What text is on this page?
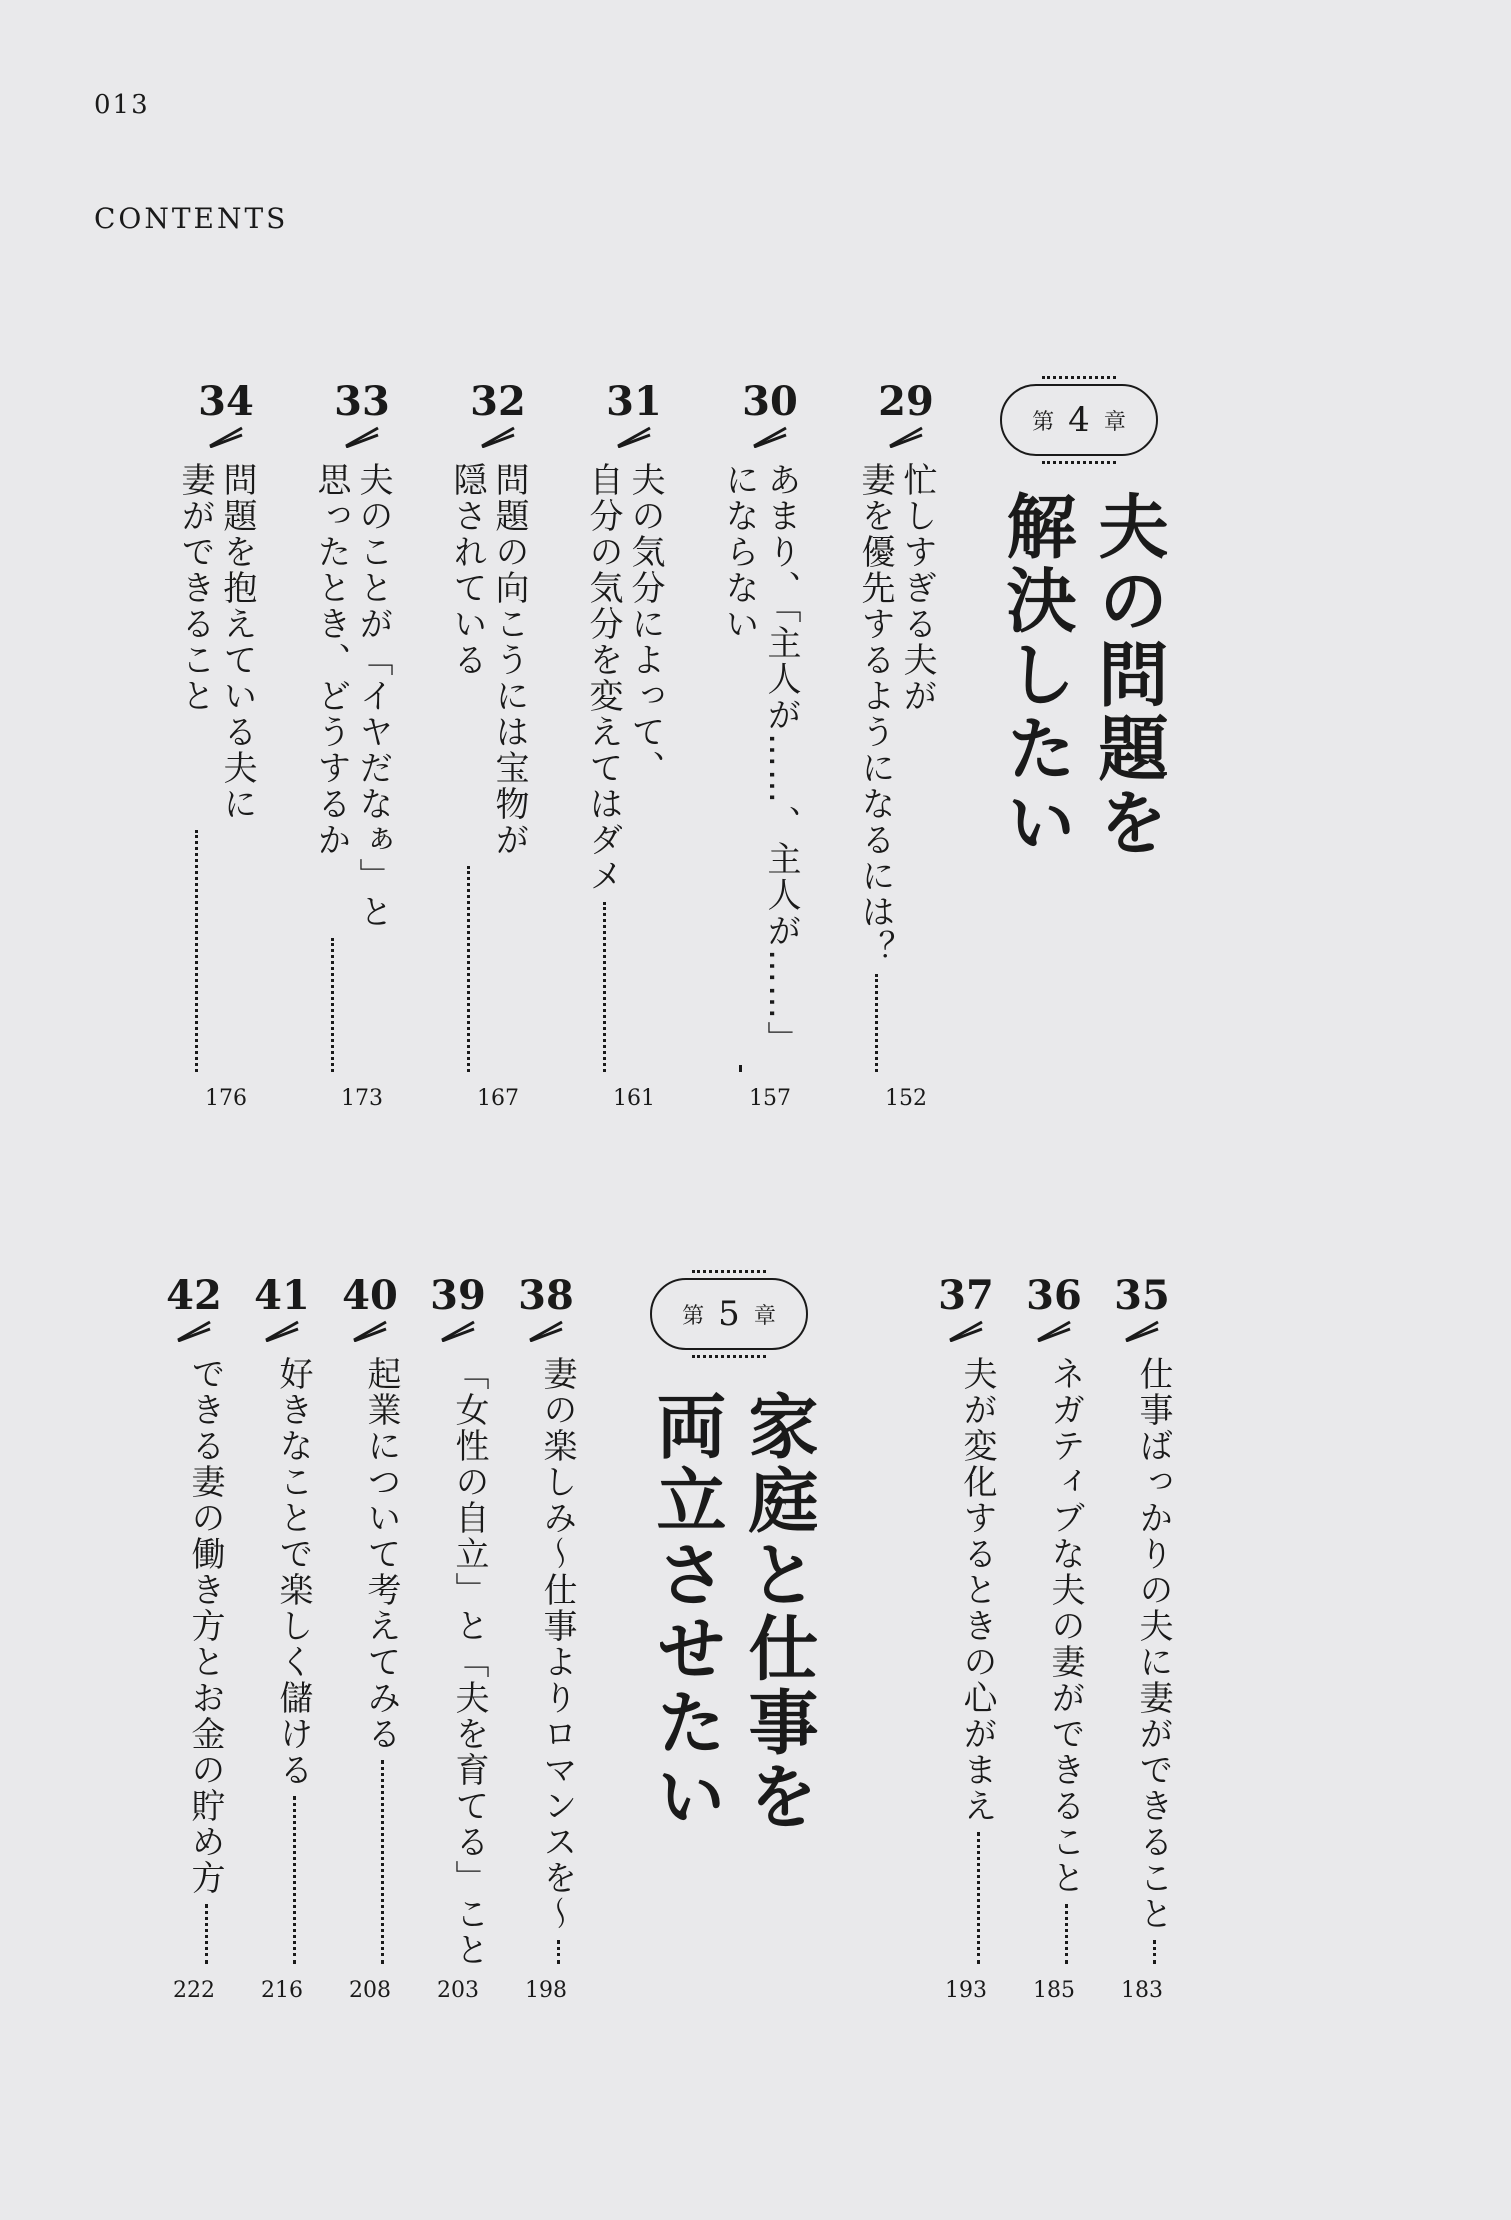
013
CONTENTS
第 4 章
夫の問題を 解決したい
第 5 章
家庭と仕事を 両立させたい
29
忙しすぎる夫が
妻を優先するようになるには？
152
30
あまり、「主人が……、主人が……」
にならない
157
31
夫の気分によって、
自分の気分を変えてはダメ
161
32
問題の向こうには宝物が
隠されている
167
33
夫のことが「イヤだなぁ」と
思ったとき、どうするか
173
34
問題を抱えている夫に
妻ができること
176
35
仕事ばっかりの夫に妻ができること
183
36
ネガティブな夫の妻ができること
185
37
夫が変化するときの心がまえ
193
38
妻の楽しみ〜仕事よりロマンスを〜
198
39
「女性の自立」と「夫を育てる」こと
203
40
起業について考えてみる
208
41
好きなことで楽しく儲ける
216
42
できる妻の働き方とお金の貯め方
222
